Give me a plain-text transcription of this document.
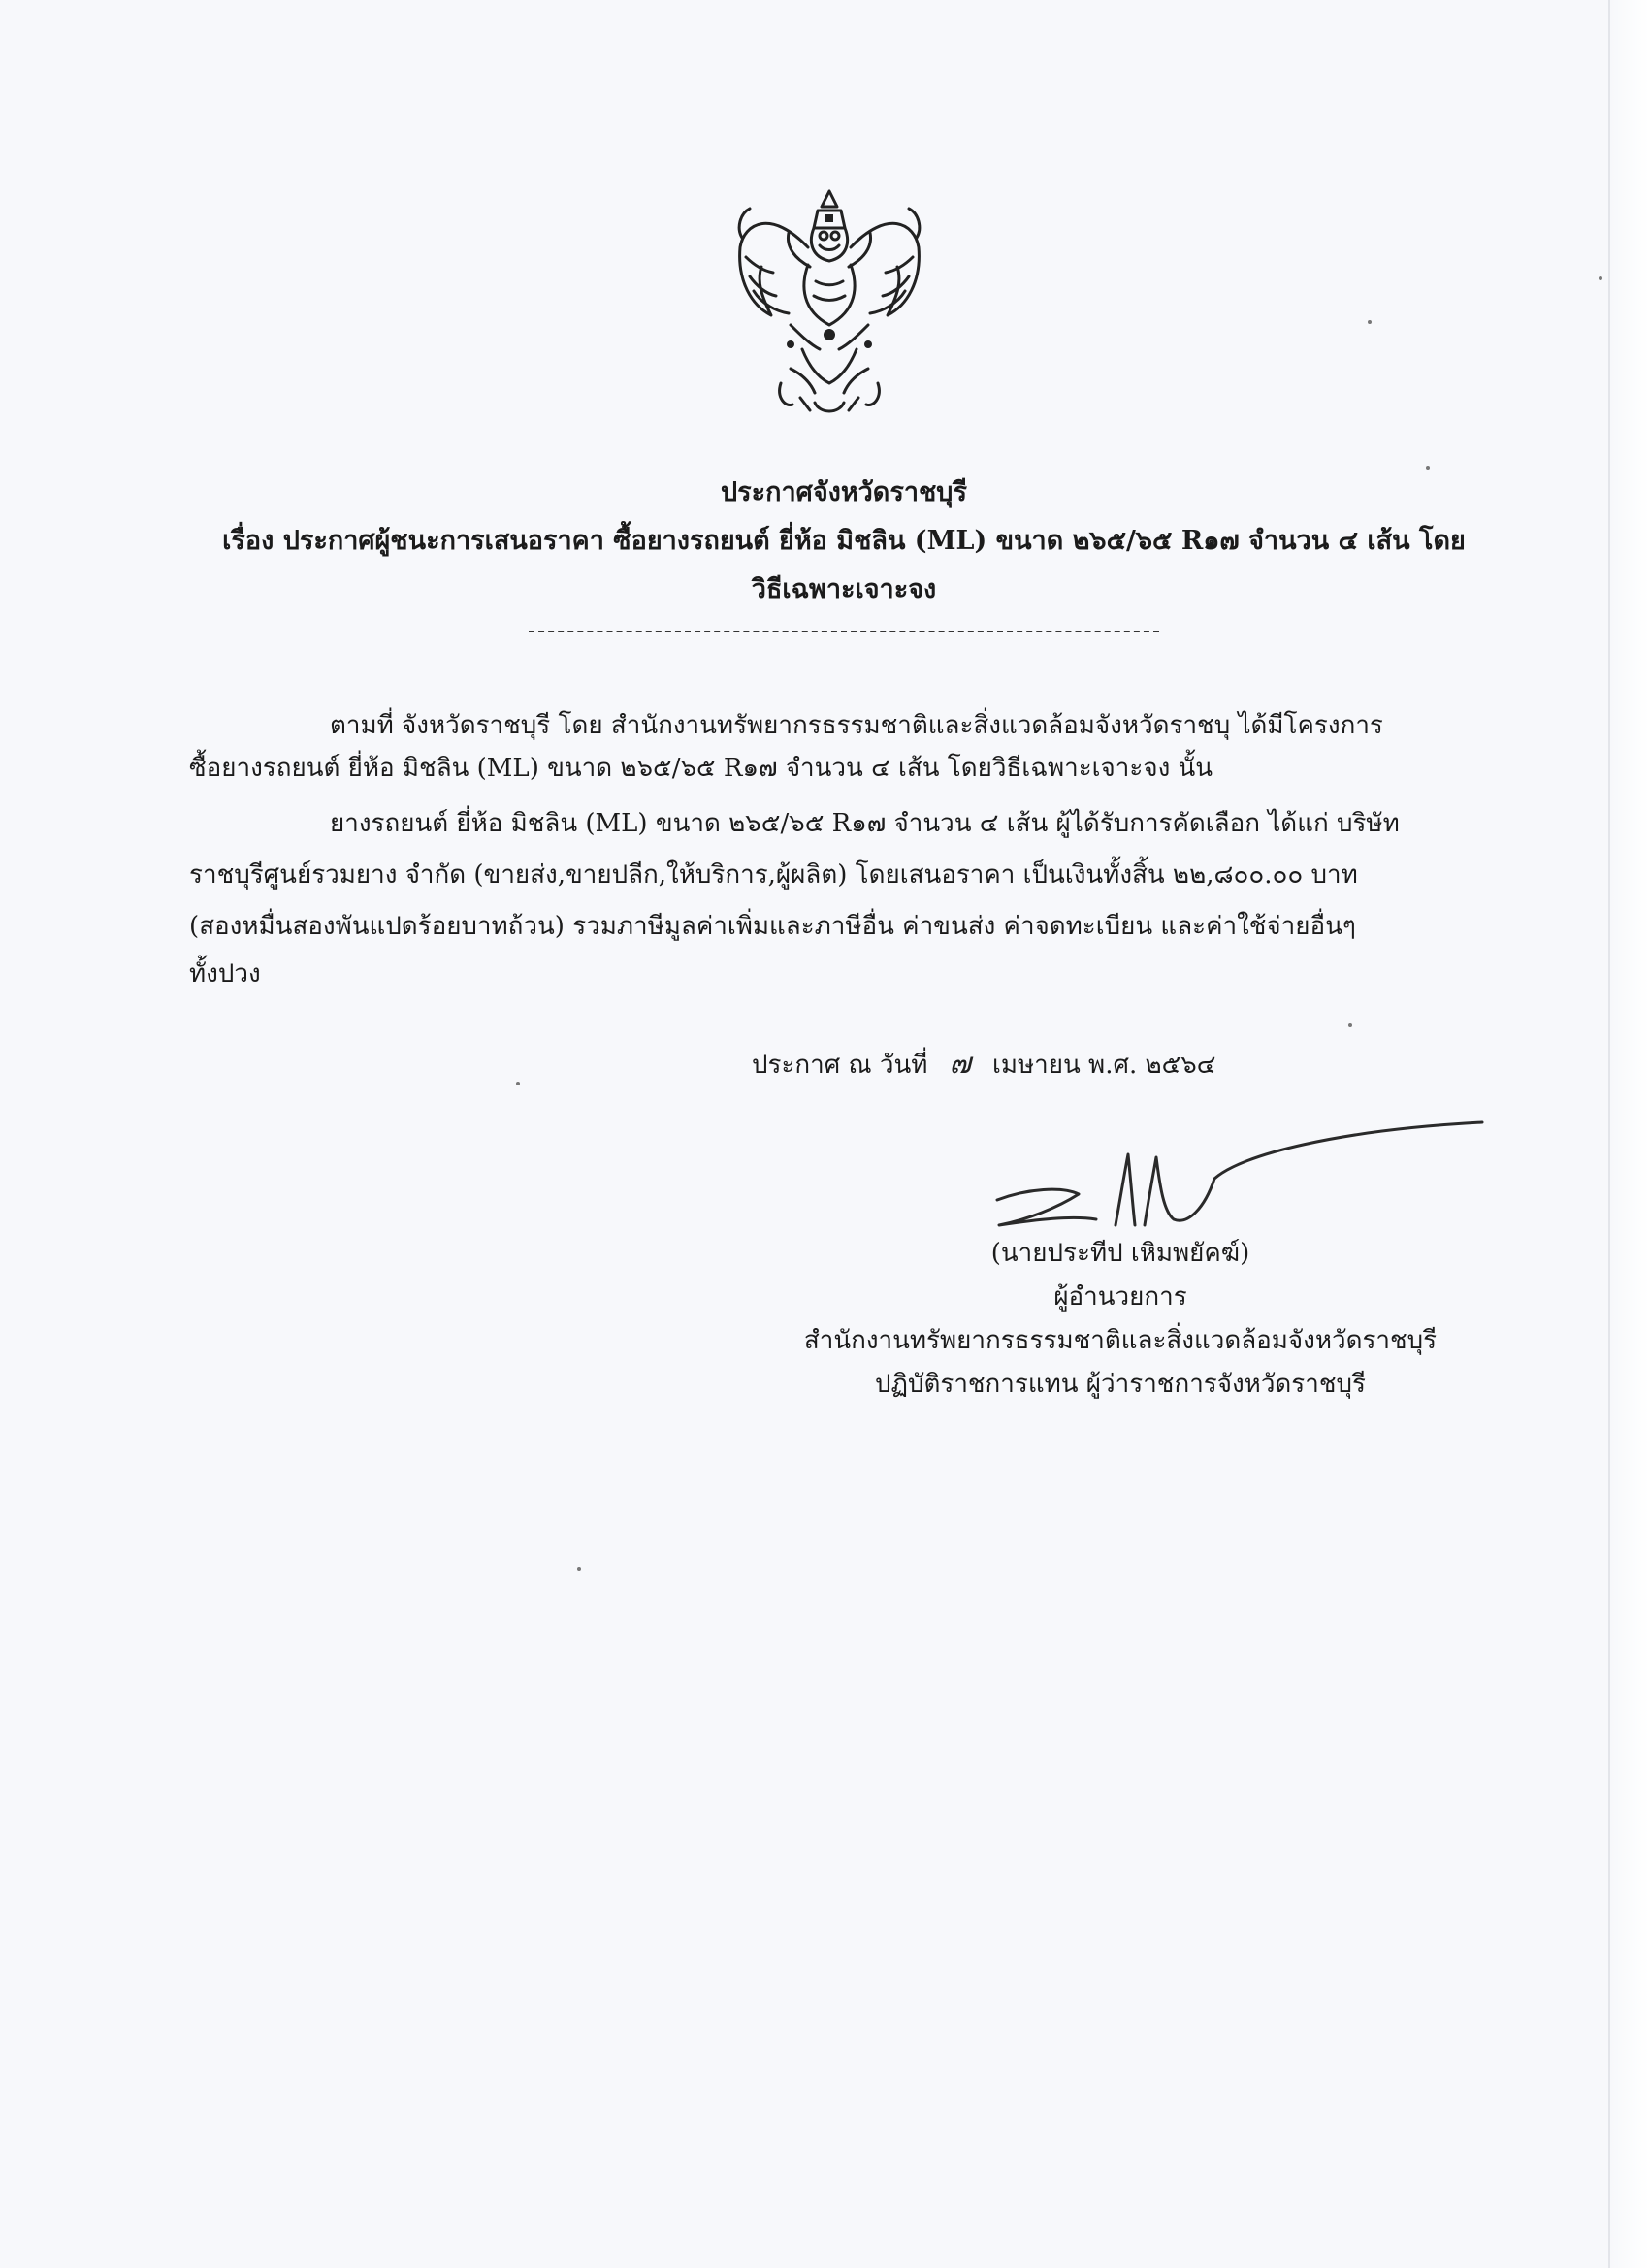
ประกาศจังหวัดราชบุรี
เรื่อง ประกาศผู้ชนะการเสนอราคา ซื้อยางรถยนต์ ยี่ห้อ มิชลิน (ML) ขนาด ๒๖๕/๖๕ R๑๗ จำนวน ๔ เส้น โดย
วิธีเฉพาะเจาะจง
ตามที่ จังหวัดราชบุรี โดย สำนักงานทรัพยากรธรรมชาติและสิ่งแวดล้อมจังหวัดราชบุ ได้มีโครงการ
ซื้อยางรถยนต์ ยี่ห้อ มิชลิน (ML) ขนาด ๒๖๕/๖๕ R๑๗ จำนวน ๔ เส้น โดยวิธีเฉพาะเจาะจง นั้น
ยางรถยนต์ ยี่ห้อ มิชลิน (ML) ขนาด ๒๖๕/๖๕ R๑๗ จำนวน ๔ เส้น ผู้ได้รับการคัดเลือก ได้แก่ บริษัท
ราชบุรีศูนย์รวมยาง จำกัด (ขายส่ง,ขายปลีก,ให้บริการ,ผู้ผลิต) โดยเสนอราคา เป็นเงินทั้งสิ้น ๒๒,๘๐๐.๐๐ บาท
(สองหมื่นสองพันแปดร้อยบาทถ้วน) รวมภาษีมูลค่าเพิ่มและภาษีอื่น ค่าขนส่ง ค่าจดทะเบียน และค่าใช้จ่ายอื่นๆ
ทั้งปวง
ประกาศ ณ วันที่ ๗ เมษายน พ.ศ. ๒๕๖๔
(นายประทีป เหิมพยัคฆ์)
ผู้อำนวยการ
สำนักงานทรัพยากรธรรมชาติและสิ่งแวดล้อมจังหวัดราชบุรี
ปฏิบัติราชการแทน ผู้ว่าราชการจังหวัดราชบุรี
